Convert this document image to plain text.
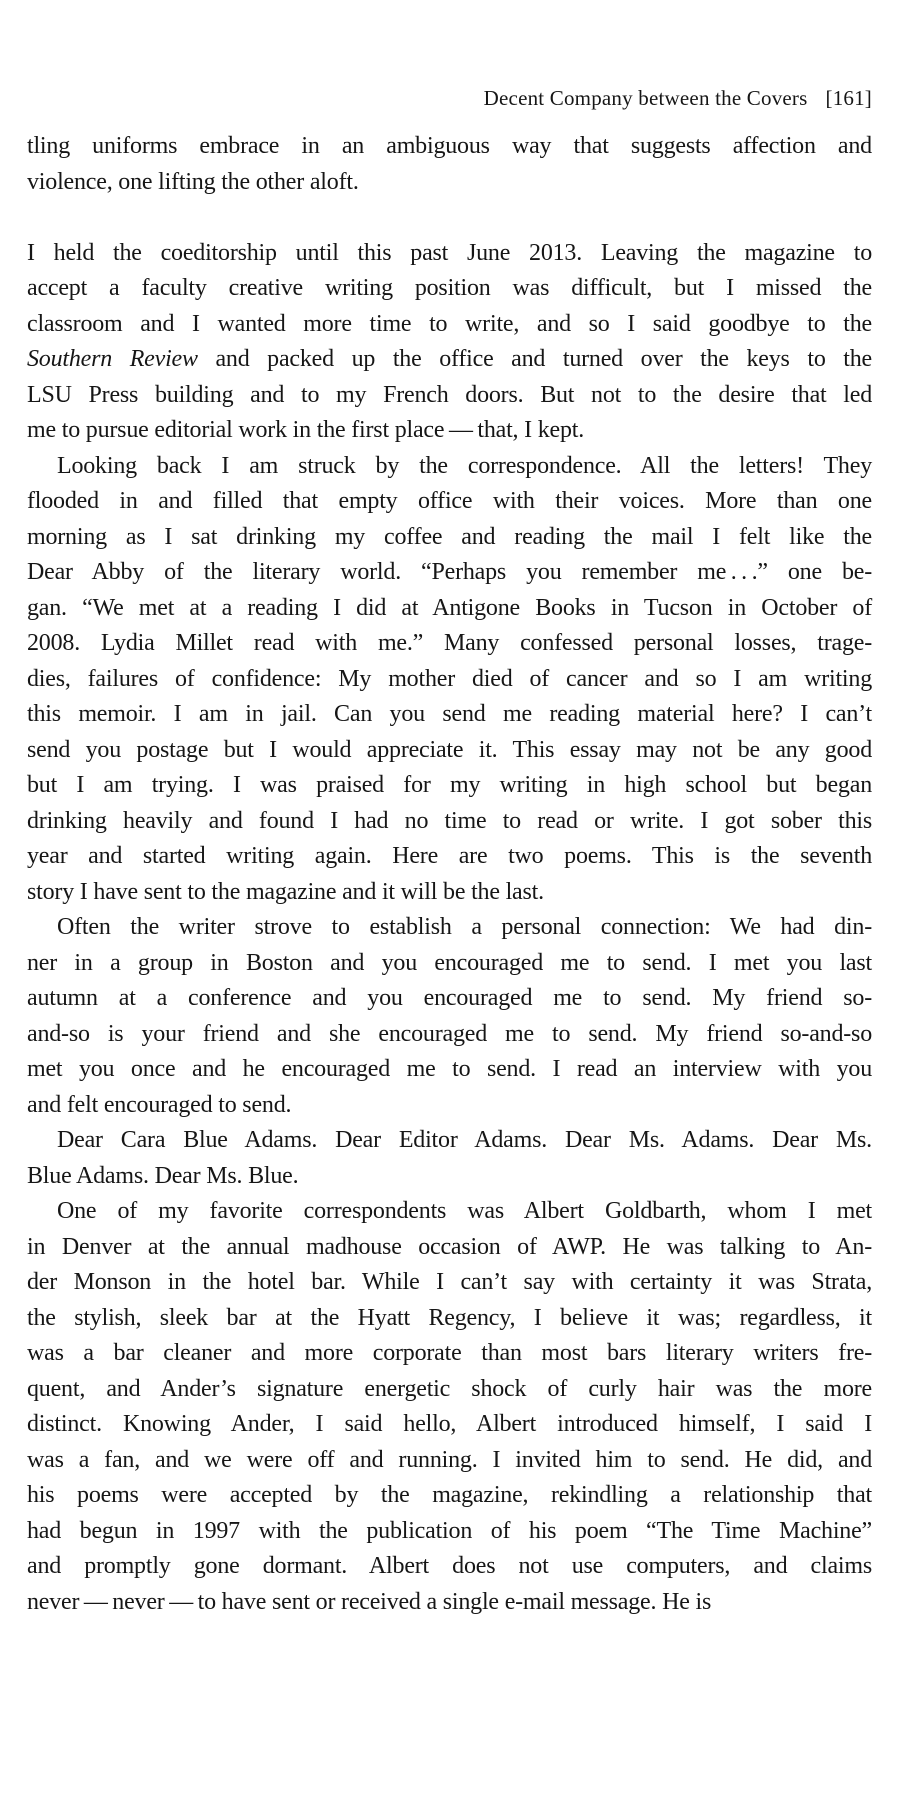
Decent Company between the Covers [161]
tling uniforms embrace in an ambiguous way that suggests affection and
violence, one lifting the other aloft.
I held the coeditorship until this past June 2013. Leaving the magazine to
accept a faculty creative writing position was difficult, but I missed the
classroom and I wanted more time to write, and so I said goodbye to the
Southern Review and packed up the office and turned over the keys to the
LSU Press building and to my French doors. But not to the desire that led
me to pursue editorial work in the first place — that, I kept.
Looking back I am struck by the correspondence. All the letters! They
flooded in and filled that empty office with their voices. More than one
morning as I sat drinking my coffee and reading the mail I felt like the
Dear Abby of the literary world. “Perhaps you remember me . . .” one be-
gan. “We met at a reading I did at Antigone Books in Tucson in October of
2008. Lydia Millet read with me.” Many confessed personal losses, trage-
dies, failures of confidence: My mother died of cancer and so I am writing
this memoir. I am in jail. Can you send me reading material here? I can’t
send you postage but I would appreciate it. This essay may not be any good
but I am trying. I was praised for my writing in high school but began
drinking heavily and found I had no time to read or write. I got sober this
year and started writing again. Here are two poems. This is the seventh
story I have sent to the magazine and it will be the last.
Often the writer strove to establish a personal connection: We had din-
ner in a group in Boston and you encouraged me to send. I met you last
autumn at a conference and you encouraged me to send. My friend so-
and-so is your friend and she encouraged me to send. My friend so-and-so
met you once and he encouraged me to send. I read an interview with you
and felt encouraged to send.
Dear Cara Blue Adams. Dear Editor Adams. Dear Ms. Adams. Dear Ms.
Blue Adams. Dear Ms. Blue.
One of my favorite correspondents was Albert Goldbarth, whom I met
in Denver at the annual madhouse occasion of AWP. He was talking to An-
der Monson in the hotel bar. While I can’t say with certainty it was Strata,
the stylish, sleek bar at the Hyatt Regency, I believe it was; regardless, it
was a bar cleaner and more corporate than most bars literary writers fre-
quent, and Ander’s signature energetic shock of curly hair was the more
distinct. Knowing Ander, I said hello, Albert introduced himself, I said I
was a fan, and we were off and running. I invited him to send. He did, and
his poems were accepted by the magazine, rekindling a relationship that
had begun in 1997 with the publication of his poem “The Time Machine”
and promptly gone dormant. Albert does not use computers, and claims
never — never — to have sent or received a single e-mail message. He is
